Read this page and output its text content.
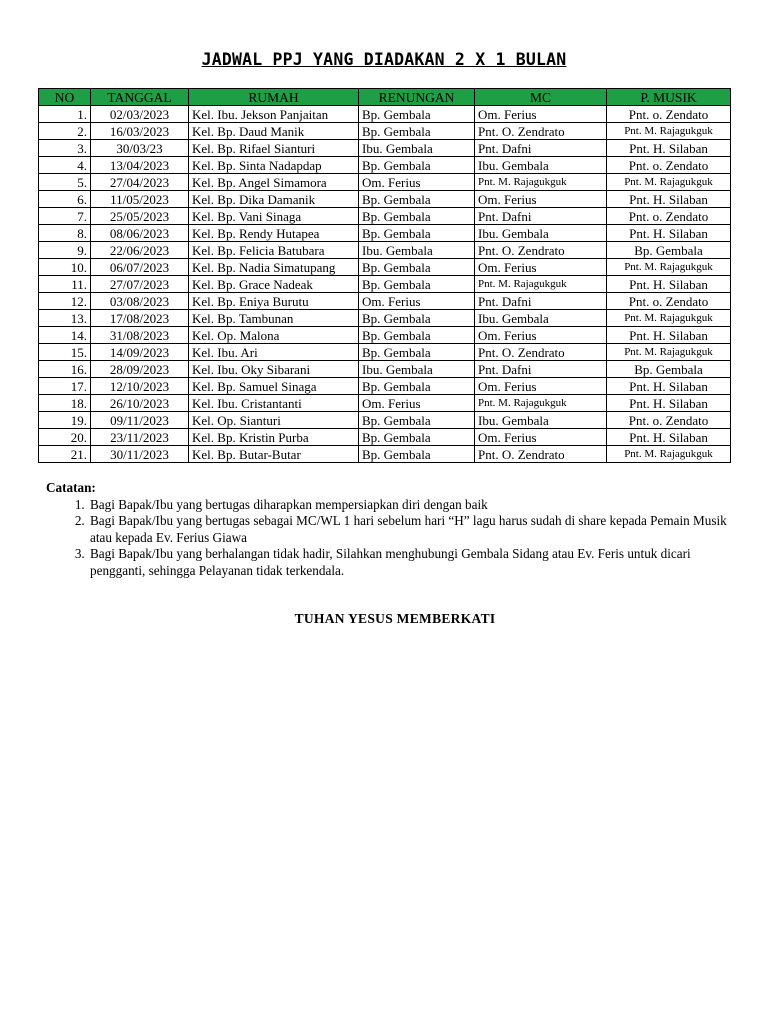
JADWAL PPJ YANG DIADAKAN 2 X 1 BULAN
NO	TANGGAL	RUMAH	RENUNGAN	MC	P. MUSIK
1.	02/03/2023	Kel. Ibu. Jekson Panjaitan	Bp. Gembala	Om. Ferius	Pnt. o. Zendato
2.	16/03/2023	Kel. Bp. Daud Manik	Bp. Gembala	Pnt. O. Zendrato	Pnt. M. Rajagukguk
3.	30/03/23	Kel. Bp. Rifael Sianturi	Ibu. Gembala	Pnt. Dafni	Pnt. H. Silaban
4.	13/04/2023	Kel. Bp. Sinta Nadapdap	Bp. Gembala	Ibu. Gembala	Pnt. o. Zendato
5.	27/04/2023	Kel. Bp. Angel Simamora	Om. Ferius	Pnt. M. Rajagukguk	Pnt. M. Rajagukguk
6.	11/05/2023	Kel. Bp. Dika Damanik	Bp. Gembala	Om. Ferius	Pnt. H. Silaban
7.	25/05/2023	Kel. Bp. Vani Sinaga	Bp. Gembala	Pnt. Dafni	Pnt. o. Zendato
8.	08/06/2023	Kel. Bp. Rendy Hutapea	Bp. Gembala	Ibu. Gembala	Pnt. H. Silaban
9.	22/06/2023	Kel. Bp. Felicia Batubara	Ibu. Gembala	Pnt. O. Zendrato	Bp. Gembala
10.	06/07/2023	Kel. Bp. Nadia Simatupang	Bp. Gembala	Om. Ferius	Pnt. M. Rajagukguk
11.	27/07/2023	Kel. Bp. Grace Nadeak	Bp. Gembala	Pnt. M. Rajagukguk	Pnt. H. Silaban
12.	03/08/2023	Kel. Bp. Eniya Burutu	Om. Ferius	Pnt. Dafni	Pnt. o. Zendato
13.	17/08/2023	Kel. Bp. Tambunan	Bp. Gembala	Ibu. Gembala	Pnt. M. Rajagukguk
14.	31/08/2023	Kel. Op. Malona	Bp. Gembala	Om. Ferius	Pnt. H. Silaban
15.	14/09/2023	Kel. Ibu. Ari	Bp. Gembala	Pnt. O. Zendrato	Pnt. M. Rajagukguk
16.	28/09/2023	Kel. Ibu. Oky Sibarani	Ibu. Gembala	Pnt. Dafni	Bp. Gembala
17.	12/10/2023	Kel. Bp. Samuel Sinaga	Bp. Gembala	Om. Ferius	Pnt. H. Silaban
18.	26/10/2023	Kel. Ibu. Cristantanti	Om. Ferius	Pnt. M. Rajagukguk	Pnt. H. Silaban
19.	09/11/2023	Kel. Op. Sianturi	Bp. Gembala	Ibu. Gembala	Pnt. o. Zendato
20.	23/11/2023	Kel. Bp. Kristin Purba	Bp. Gembala	Om. Ferius	Pnt. H. Silaban
21.	30/11/2023	Kel. Bp. Butar-Butar	Bp. Gembala	Pnt. O. Zendrato	Pnt. M. Rajagukguk
Catatan:
1. Bagi Bapak/Ibu yang bertugas diharapkan mempersiapkan diri dengan baik
2. Bagi Bapak/Ibu yang bertugas sebagai MC/WL 1 hari sebelum hari “H” lagu harus sudah di share kepada Pemain Musik atau kepada Ev. Ferius Giawa
3. Bagi Bapak/Ibu yang berhalangan tidak hadir, Silahkan menghubungi Gembala Sidang atau Ev. Feris untuk dicari pengganti, sehingga Pelayanan tidak terkendala.
TUHAN YESUS MEMBERKATI
